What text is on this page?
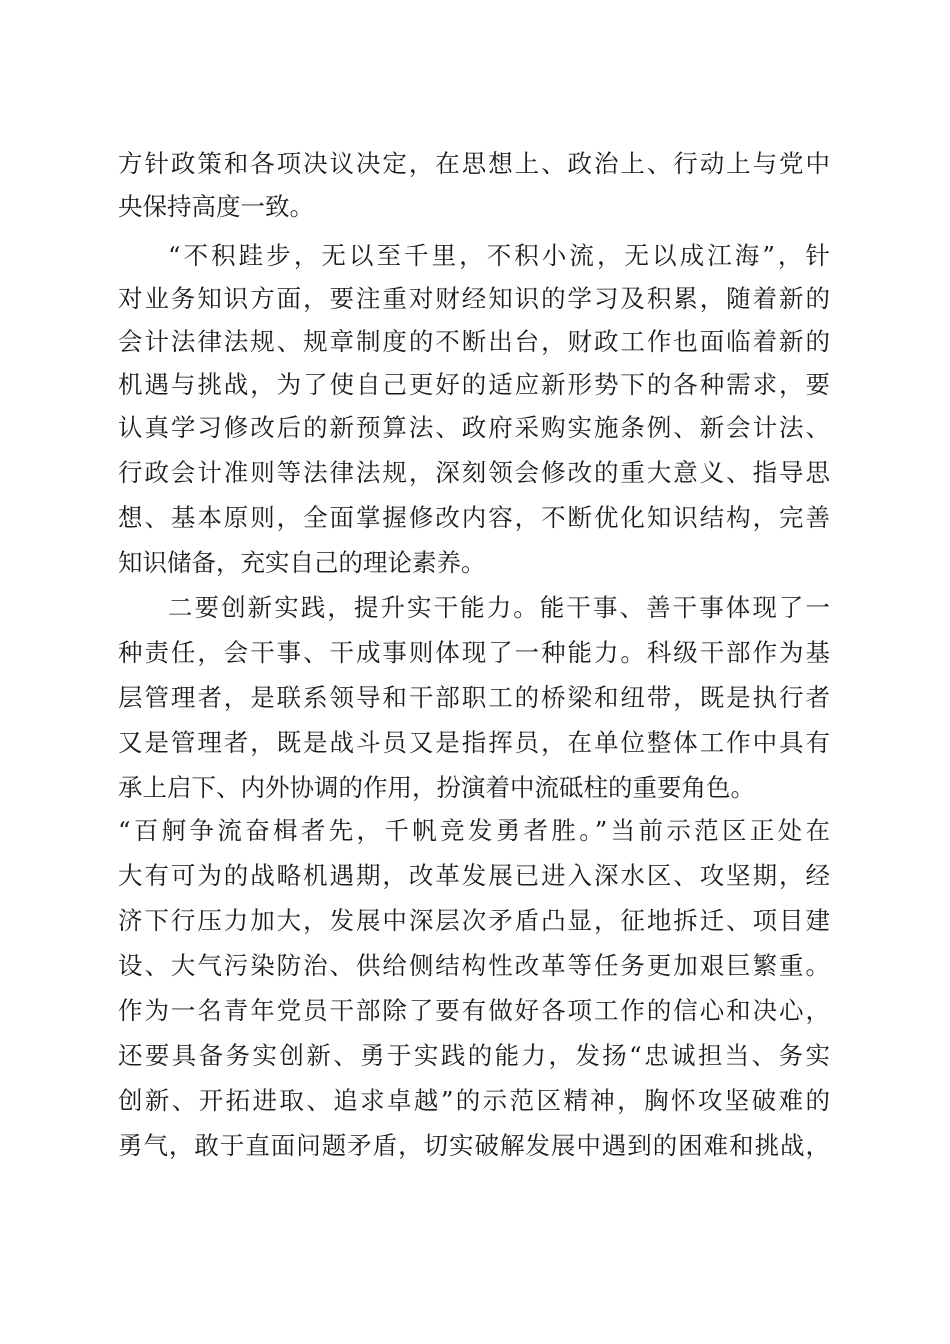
方针政策和各项决议决定，在思想上、政治上、行动上与党中

央保持高度一致。

“不积跬步，无以至千里，不积小流，无以成江海”，针

对业务知识方面，要注重对财经知识的学习及积累，随着新的

会计法律法规、规章制度的不断出台，财政工作也面临着新的

机遇与挑战，为了使自己更好的适应新形势下的各种需求，要

认真学习修改后的新预算法、政府采购实施条例、新会计法、

行政会计准则等法律法规，深刻领会修改的重大意义、指导思

想、基本原则，全面掌握修改内容，不断优化知识结构，完善

知识储备，充实自己的理论素养。

二要创新实践，提升实干能力。能干事、善干事体现了一

种责任，会干事、干成事则体现了一种能力。科级干部作为基

层管理者，是联系领导和干部职工的桥梁和纽带，既是执行者

又是管理者，既是战斗员又是指挥员，在单位整体工作中具有

承上启下、内外协调的作用，扮演着中流砥柱的重要角色。

“百舸争流奋楫者先，千帆竞发勇者胜。”当前示范区正处在

大有可为的战略机遇期，改革发展已进入深水区、攻坚期，经

济下行压力加大，发展中深层次矛盾凸显，征地拆迁、项目建

设、大气污染防治、供给侧结构性改革等任务更加艰巨繁重。

作为一名青年党员干部除了要有做好各项工作的信心和决心，

还要具备务实创新、勇于实践的能力，发扬“忠诚担当、务实

创新、开拓进取、追求卓越”的示范区精神，胸怀攻坚破难的

勇气，敢于直面问题矛盾，切实破解发展中遇到的困难和挑战，
